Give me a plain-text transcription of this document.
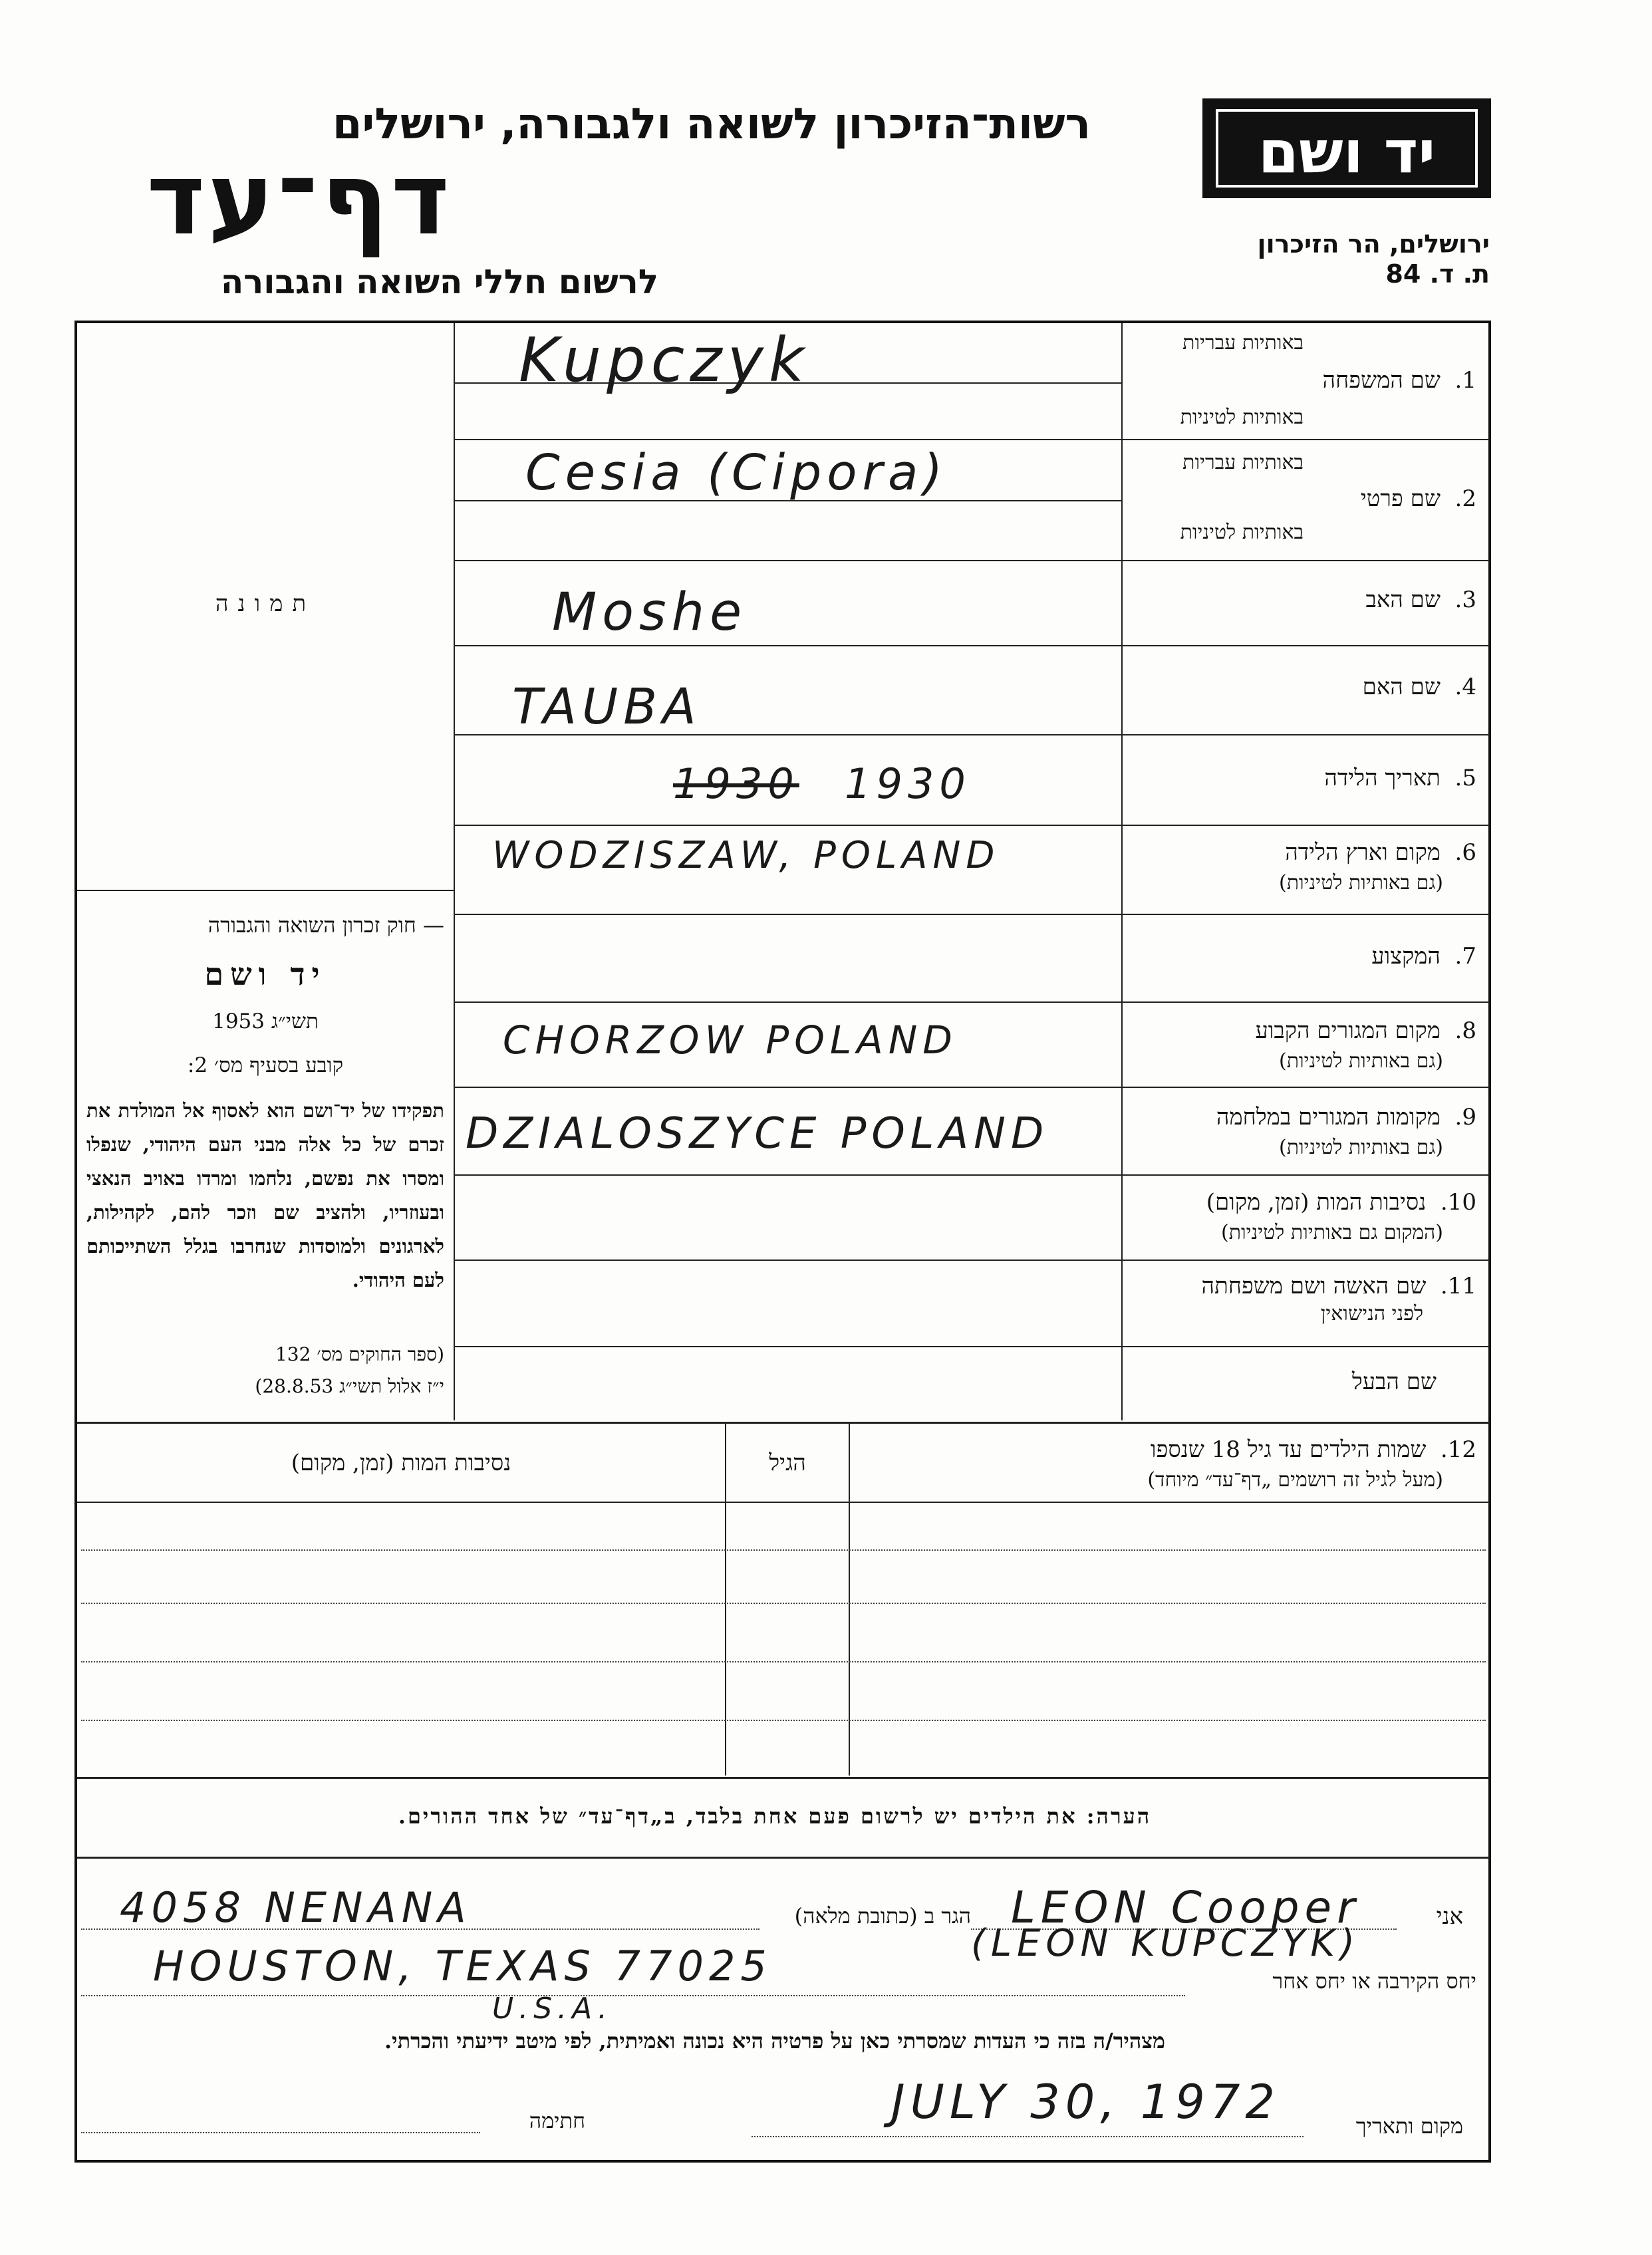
רשות־הזיכרון לשואה ולגבורה, ירושלים
דף־עד
לרשום חללי השואה והגבורה
יד ושם
ירושלים, הר הזיכרון
ת. ד. 84
תמונה
— חוק זכרון השואה והגבורה
יד ושם
תשי״ג 1953
קובע בסעיף מס׳ 2:
תפקידו של יד־ושם הוא לאסוף אל המולדת את זכרם של כל אלה מבני העם היהודי, שנפלו ומסרו את נפשם, נלחמו ומרדו באויב הנאצי ובעוזריו, ולהציב שם וזכר להם, לקהילות, לארגונים ולמוסדות שנחרבו בגלל השתייכותם לעם היהודי.
(ספר החוקים מס׳ 132
י״ז אלול תשי״ג 28.8.53)
באותיות עבריות
1.  שם המשפחה
באותיות לטיניות
באותיות עבריות
2.  שם פרטי
באותיות לטיניות
3.  שם האב
4.  שם האם
5.  תאריך הלידה
6.  מקום וארץ הלידה
(גם באותיות לטיניות)
7.  המקצוע
8.  מקום המגורים הקבוע
(גם באותיות לטיניות)
9.  מקומות המגורים במלחמה
(גם באותיות לטיניות)
10.  נסיבות המות (זמן, מקום)
(המקום גם באותיות לטיניות)
11.  שם האשה ושם משפחתה
לפני הנישואין
שם הבעל
Kupczyk
Cesia (Cipora)
Moshe
TAUBA
1930 1930
WODZISZAW, POLAND
CHORZOW POLAND
DZIALOSZYCE POLAND
12.  שמות הילדים עד גיל 18 שנספו
(מעל לגיל זה רושמים „דף־עד״ מיוחד)
הגיל
נסיבות המות (זמן, מקום)
הערה: את הילדים יש לרשום פעם אחת בלבד, ב„דף־עד״ של אחד ההורים.
אני
LEON Cooper
(LEON KUPCZYK)
הגר ב (כתובת מלאה)
4058 NENANA
HOUSTON, TEXAS 77025
U.S.A.
יחס הקירבה או יחס אחר
מצהיר/ה בזה כי העדות שמסרתי כאן על פרטיה היא נכונה ואמיתית, לפי מיטב ידיעתי והכרתי.
מקום ותאריך
JULY 30, 1972
חתימה
